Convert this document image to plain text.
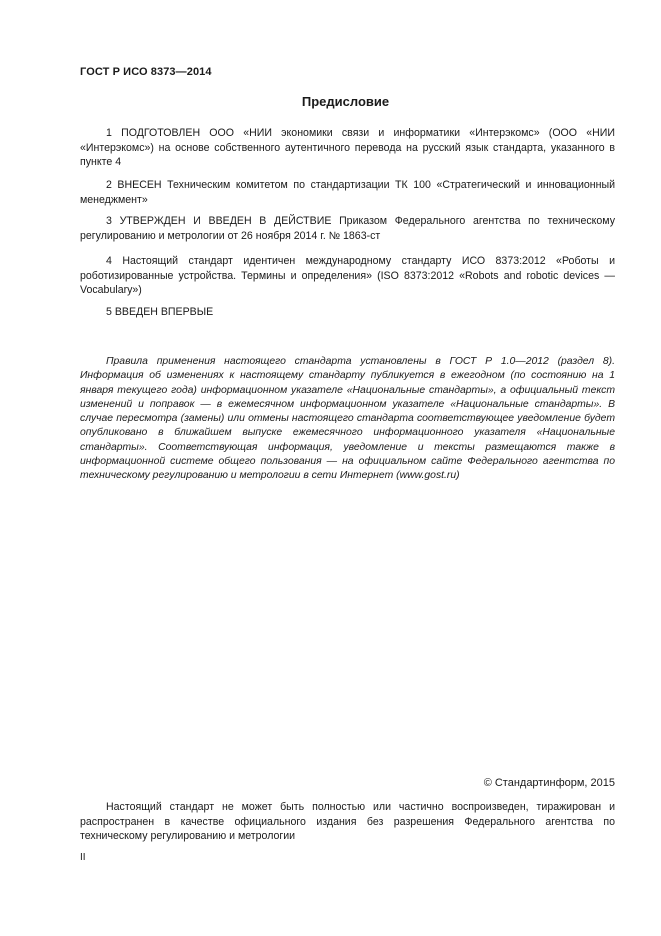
ГОСТ Р ИСО 8373—2014
Предисловие
1 ПОДГОТОВЛЕН ООО «НИИ экономики связи и информатики «Интерэкомс» (ООО «НИИ «Интерэкомс») на основе собственного аутентичного перевода на русский язык стандарта, указанного в пункте 4
2 ВНЕСЕН Техническим комитетом по стандартизации ТК 100 «Стратегический и инновационный менеджмент»
3 УТВЕРЖДЕН И ВВЕДЕН В ДЕЙСТВИЕ Приказом Федерального агентства по техническому регулированию и метрологии от 26 ноября 2014 г. № 1863-ст
4 Настоящий стандарт идентичен международному стандарту ИСО 8373:2012 «Роботы и роботизированные устройства. Термины и определения» (ISO 8373:2012 «Robots and robotic devices — Vocabulary»)
5 ВВЕДЕН ВПЕРВЫЕ
Правила применения настоящего стандарта установлены в ГОСТ Р 1.0—2012 (раздел 8). Информация об изменениях к настоящему стандарту публикуется в ежегодном (по состоянию на 1 января текущего года) информационном указателе «Национальные стандарты», а официальный текст изменений и поправок — в ежемесячном информационном указателе «Национальные стандарты». В случае пересмотра (замены) или отмены настоящего стандарта соответствующее уведомление будет опубликовано в ближайшем выпуске ежемесячного информационного указателя «Национальные стандарты». Соответствующая информация, уведомление и тексты размещаются также в информационной системе общего пользования — на официальном сайте Федерального агентства по техническому регулированию и метрологии в сети Интернет (www.gost.ru)
© Стандартинформ, 2015
Настоящий стандарт не может быть полностью или частично воспроизведен, тиражирован и распространен в качестве официального издания без разрешения Федерального агентства по техническому регулированию и метрологии
II
